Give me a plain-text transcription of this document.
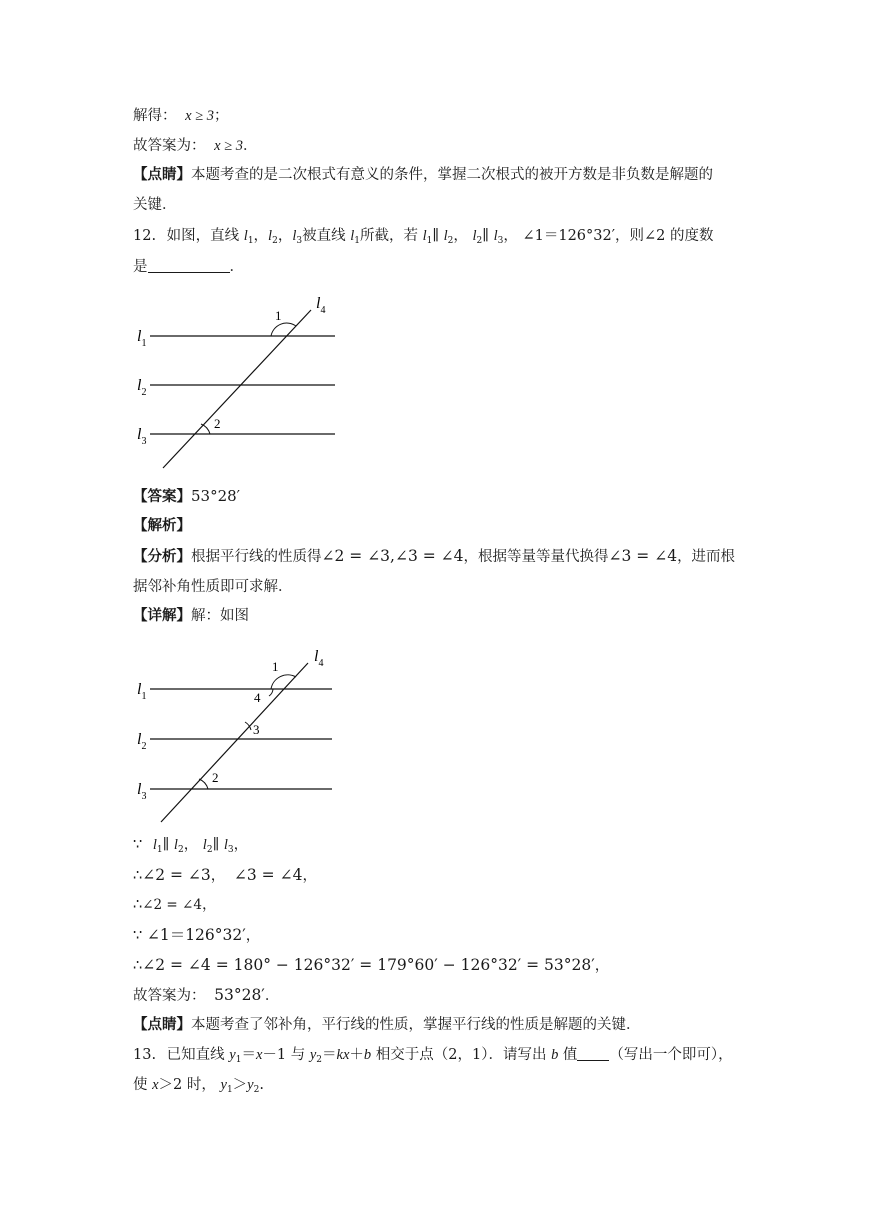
解得： x ≥ 3；
故答案为： x ≥ 3．
【点睛】本题考查的是二次根式有意义的条件，掌握二次根式的被开方数是非负数是解题的
关键．
12. 如图，直线 $l_1$，$l_2$，$l_3$被直线 $l_1$所截，若 $l_1\parallel$ $l_2$， $l_2\parallel$ $l_3$， ∠1＝126°32′，则∠2 的度数
是	．
$l_1$
$l_2$
$l_3$
$l_4$
1
2
【答案】53°28′
【解析】
【分析】根据平行线的性质得∠2 = ∠3,∠3 = ∠4，根据等量等量代换得∠3 = ∠4，进而根
据邻补角性质即可求解．
【详解】解：如图
$l_1$
$l_2$
$l_3$
$l_4$
1
4
3
2
∵ $l_1\parallel$ $l_2$， $l_2\parallel$ $l_3$，
∴∠2 = ∠3， ∠3 = ∠4，
∴∠2 = ∠4，
∵ ∠1＝126°32′，
∴∠2 = ∠4 = 180° − 126°32′ = 179°60′ − 126°32′ = 53°28′，
故答案为： 53°28′．
【点睛】本题考查了邻补角，平行线的性质，掌握平行线的性质是解题的关键．
13. 已知直线 $y_1=x-1$ 与 $y_2=kx+b$ 相交于点（2，1）．请写出 b 值 （写出一个即可），
使 x＞2 时， $y_1>y_2$.
